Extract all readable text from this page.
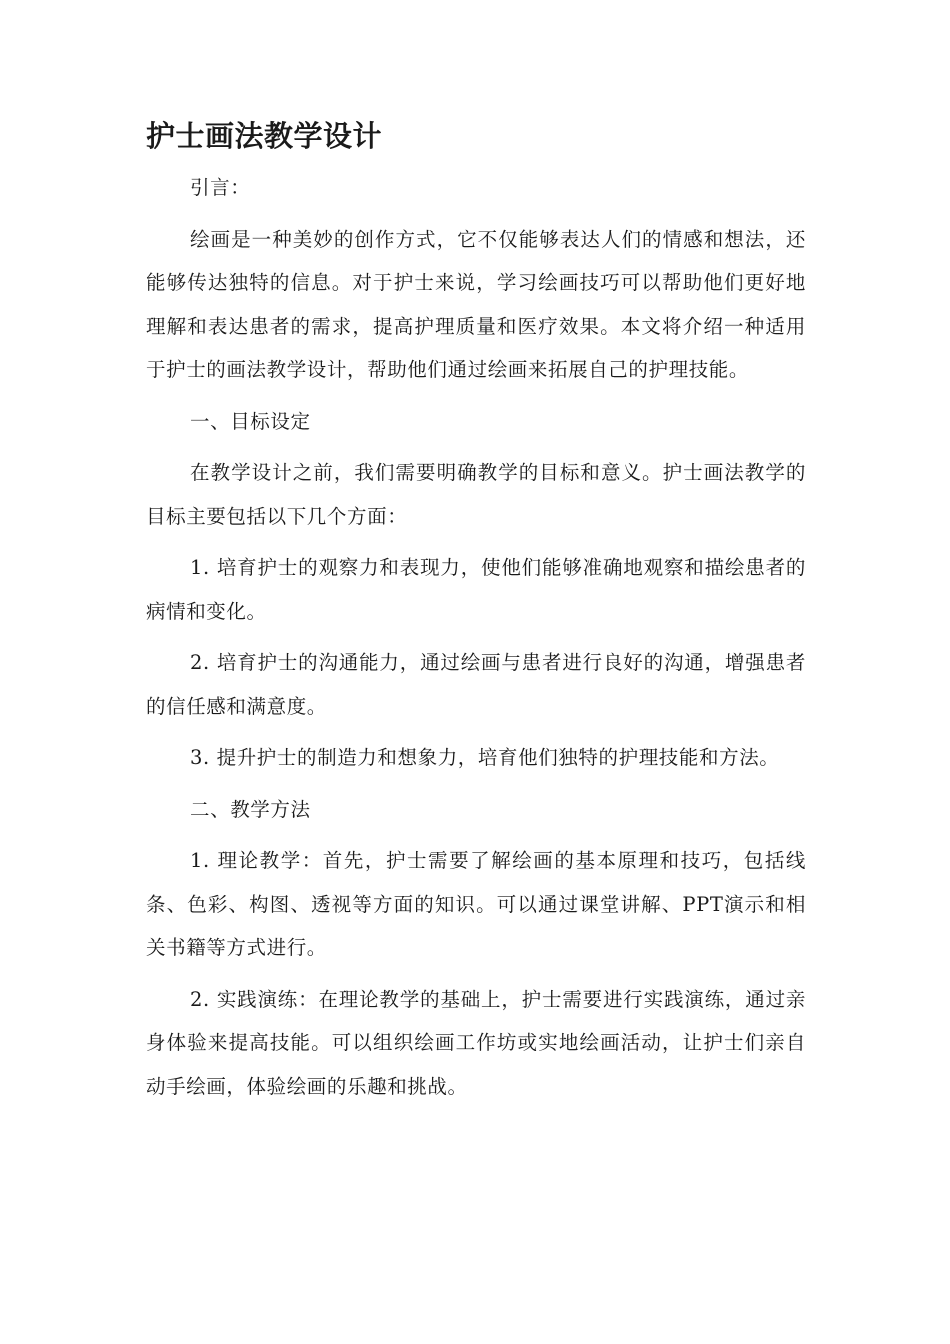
护士画法教学设计

引言：

绘画是一种美妙的创作方式，它不仅能够表达人们的情感和想法，还能够传达独特的信息。对于护士来说，学习绘画技巧可以帮助他们更好地理解和表达患者的需求，提高护理质量和医疗效果。本文将介绍一种适用于护士的画法教学设计，帮助他们通过绘画来拓展自己的护理技能。

一、目标设定

在教学设计之前，我们需要明确教学的目标和意义。护士画法教学的目标主要包括以下几个方面：

1. 培育护士的观察力和表现力，使他们能够准确地观察和描绘患者的病情和变化。

2. 培育护士的沟通能力，通过绘画与患者进行良好的沟通，增强患者的信任感和满意度。

3. 提升护士的制造力和想象力，培育他们独特的护理技能和方法。

二、教学方法

1. 理论教学：首先，护士需要了解绘画的基本原理和技巧，包括线条、色彩、构图、透视等方面的知识。可以通过课堂讲解、PPT演示和相关书籍等方式进行。

2. 实践演练：在理论教学的基础上，护士需要进行实践演练，通过亲身体验来提高技能。可以组织绘画工作坊或实地绘画活动，让护士们亲自动手绘画，体验绘画的乐趣和挑战。
